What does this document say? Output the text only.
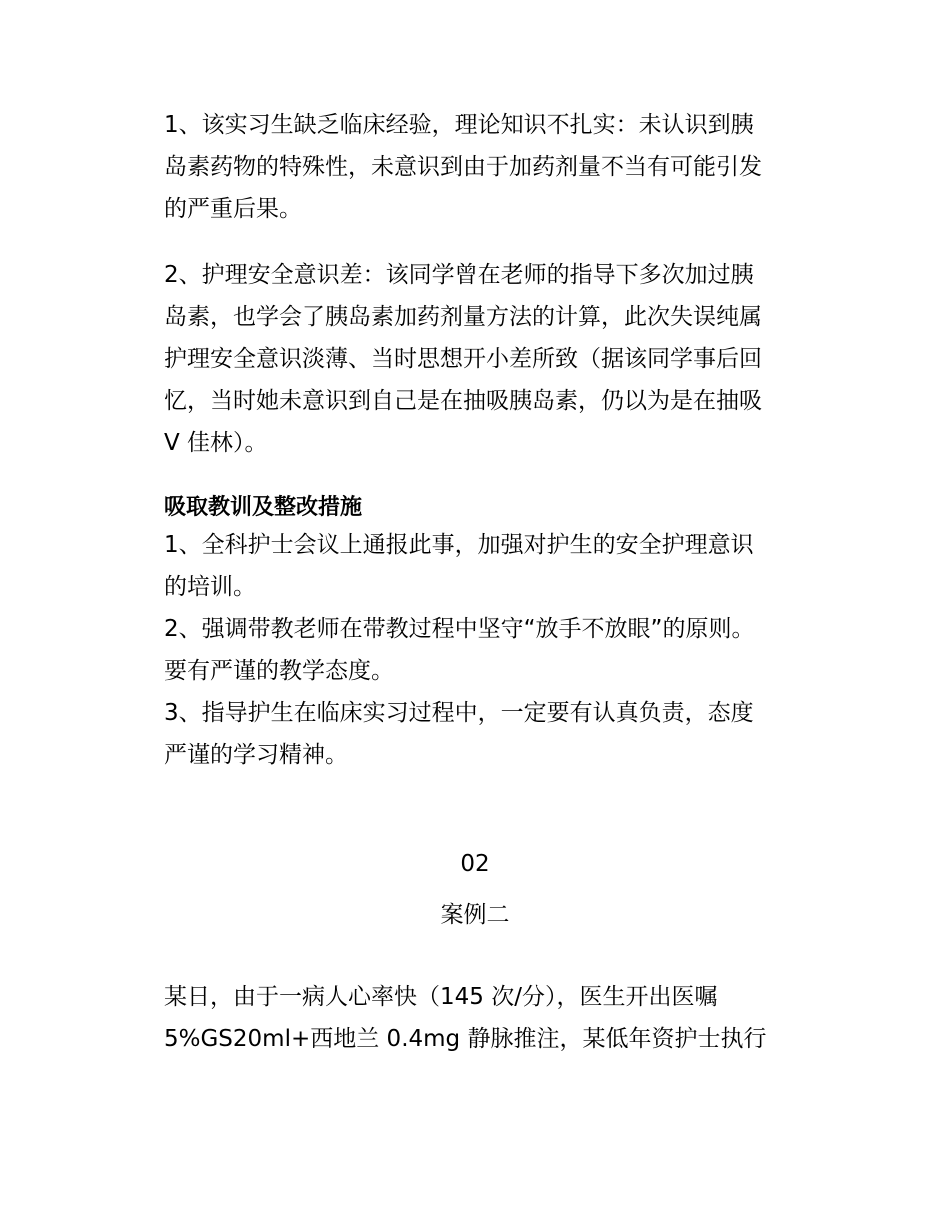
1、该实习生缺乏临床经验，理论知识不扎实：未认识到胰
岛素药物的特殊性，未意识到由于加药剂量不当有可能引发
的严重后果。
2、护理安全意识差：该同学曾在老师的指导下多次加过胰
岛素，也学会了胰岛素加药剂量方法的计算，此次失误纯属
护理安全意识淡薄、当时思想开小差所致（据该同学事后回
忆，当时她未意识到自己是在抽吸胰岛素，仍以为是在抽吸
V 佳林）。
吸取教训及整改措施
1、全科护士会议上通报此事，加强对护生的安全护理意识
的培训。
2、强调带教老师在带教过程中坚守“放手不放眼”的原则。
要有严谨的教学态度。
3、指导护生在临床实习过程中，一定要有认真负责，态度
严谨的学习精神。
02
案例二
某日，由于一病人心率快（145 次/分），医生开出医嘱
5%GS20ml+西地兰 0.4mg 静脉推注，某低年资护士执行
